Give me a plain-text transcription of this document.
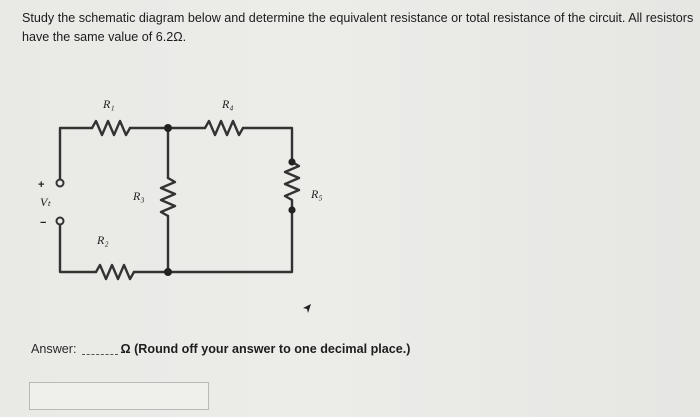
Study the schematic diagram below and determine the equivalent resistance or total resistance of the circuit. All resistors have the same value of 6.2Ω.

R₁	R₄
R₃	R₅
R₂
Vₜ
+
−
Answer:	Ω (Round off your answer to one decimal place.)
